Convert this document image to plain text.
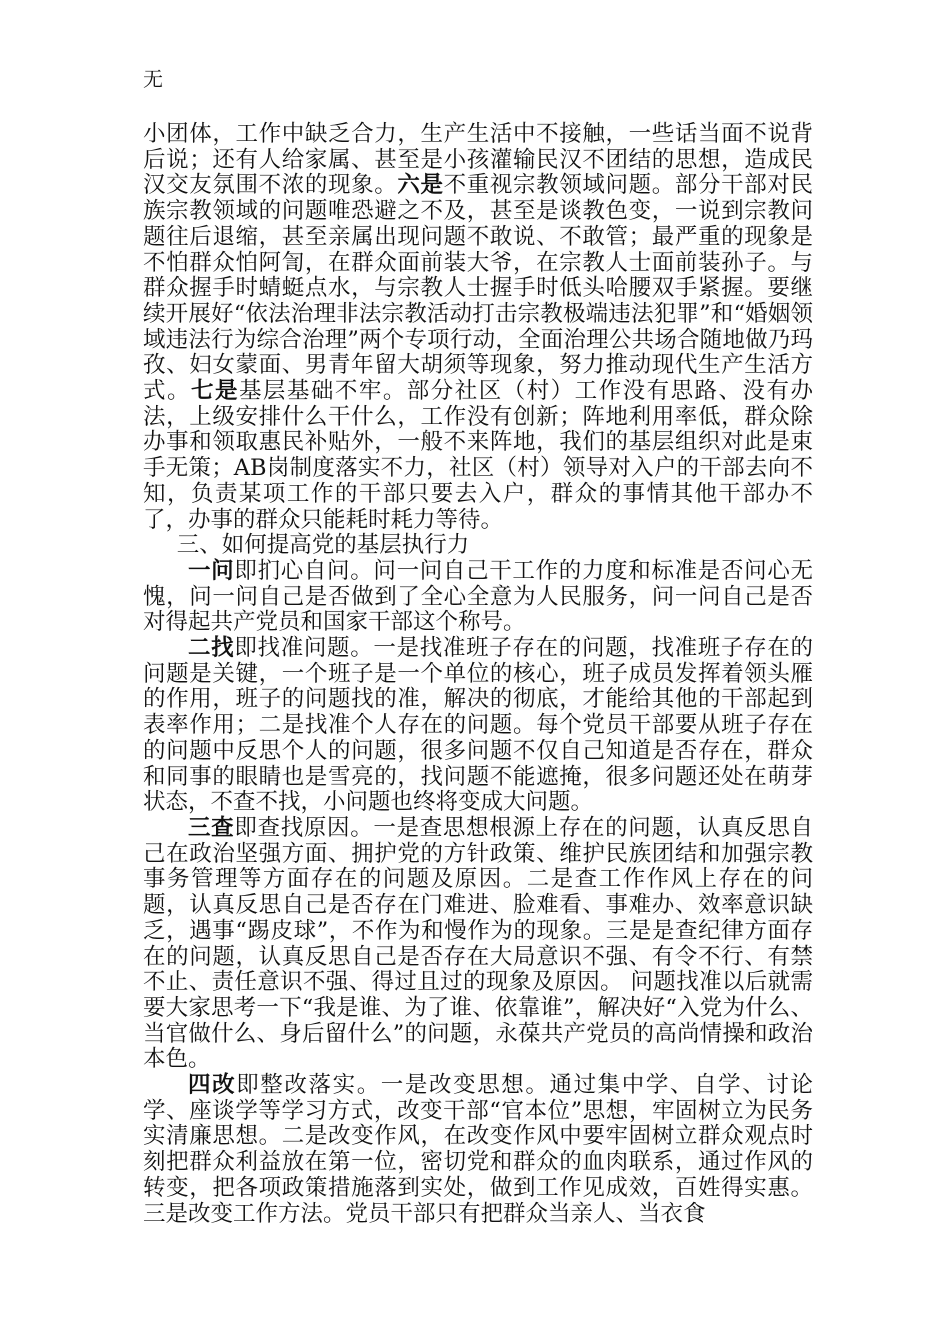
无

小团体，工作中缺乏合力，生产生活中不接触，一些话当面不说背后说；还有人给家属、甚至是小孩灌输民汉不团结的思想，造成民汉交友氛围不浓的现象。六是不重视宗教领域问题。部分干部对民族宗教领域的问题唯恐避之不及，甚至是谈教色变，一说到宗教问题往后退缩，甚至亲属出现问题不敢说、不敢管；最严重的现象是不怕群众怕阿訇，在群众面前装大爷，在宗教人士面前装孙子。与群众握手时蜻蜓点水，与宗教人士握手时低头哈腰双手紧握。要继续开展好“依法治理非法宗教活动打击宗教极端违法犯罪”和“婚姻领域违法行为综合治理”两个专项行动，全面治理公共场合随地做乃玛孜、妇女蒙面、男青年留大胡须等现象，努力推动现代生产生活方式。七是基层基础不牢。部分社区（村）工作没有思路、没有办法，上级安排什么干什么，工作没有创新；阵地利用率低，群众除办事和领取惠民补贴外，一般不来阵地，我们的基层组织对此是束手无策；AB岗制度落实不力，社区（村）领导对入户的干部去向不知，负责某项工作的干部只要去入户，群众的事情其他干部办不了，办事的群众只能耗时耗力等待。

三、如何提高党的基层执行力

一问即扪心自问。问一问自己干工作的力度和标准是否问心无愧，问一问自己是否做到了全心全意为人民服务，问一问自己是否对得起共产党员和国家干部这个称号。

二找即找准问题。一是找准班子存在的问题，找准班子存在的问题是关键，一个班子是一个单位的核心，班子成员发挥着领头雁的作用，班子的问题找的准，解决的彻底，才能给其他的干部起到表率作用；二是找准个人存在的问题。每个党员干部要从班子存在的问题中反思个人的问题，很多问题不仅自己知道是否存在，群众和同事的眼睛也是雪亮的，找问题不能遮掩，很多问题还处在萌芽状态，不查不找，小问题也终将变成大问题。

三查即查找原因。一是查思想根源上存在的问题，认真反思自己在政治坚强方面、拥护党的方针政策、维护民族团结和加强宗教事务管理等方面存在的问题及原因。二是查工作作风上存在的问题，认真反思自己是否存在门难进、脸难看、事难办、效率意识缺乏，遇事“踢皮球”，不作为和慢作为的现象。三是是查纪律方面存在的问题，认真反思自己是否存在大局意识不强、有令不行、有禁不止、责任意识不强、得过且过的现象及原因。 问题找准以后就需要大家思考一下“我是谁、为了谁、依靠谁”，解决好“入党为什么、当官做什么、身后留什么”的问题，永葆共产党员的高尚情操和政治本色。

四改即整改落实。一是改变思想。通过集中学、自学、讨论学、座谈学等学习方式，改变干部“官本位”思想，牢固树立为民务实清廉思想。二是改变作风，在改变作风中要牢固树立群众观点时刻把群众利益放在第一位，密切党和群众的血肉联系，通过作风的转变，把各项政策措施落到实处，做到工作见成效，百姓得实惠。三是改变工作方法。党员干部只有把群众当亲人、当衣食
